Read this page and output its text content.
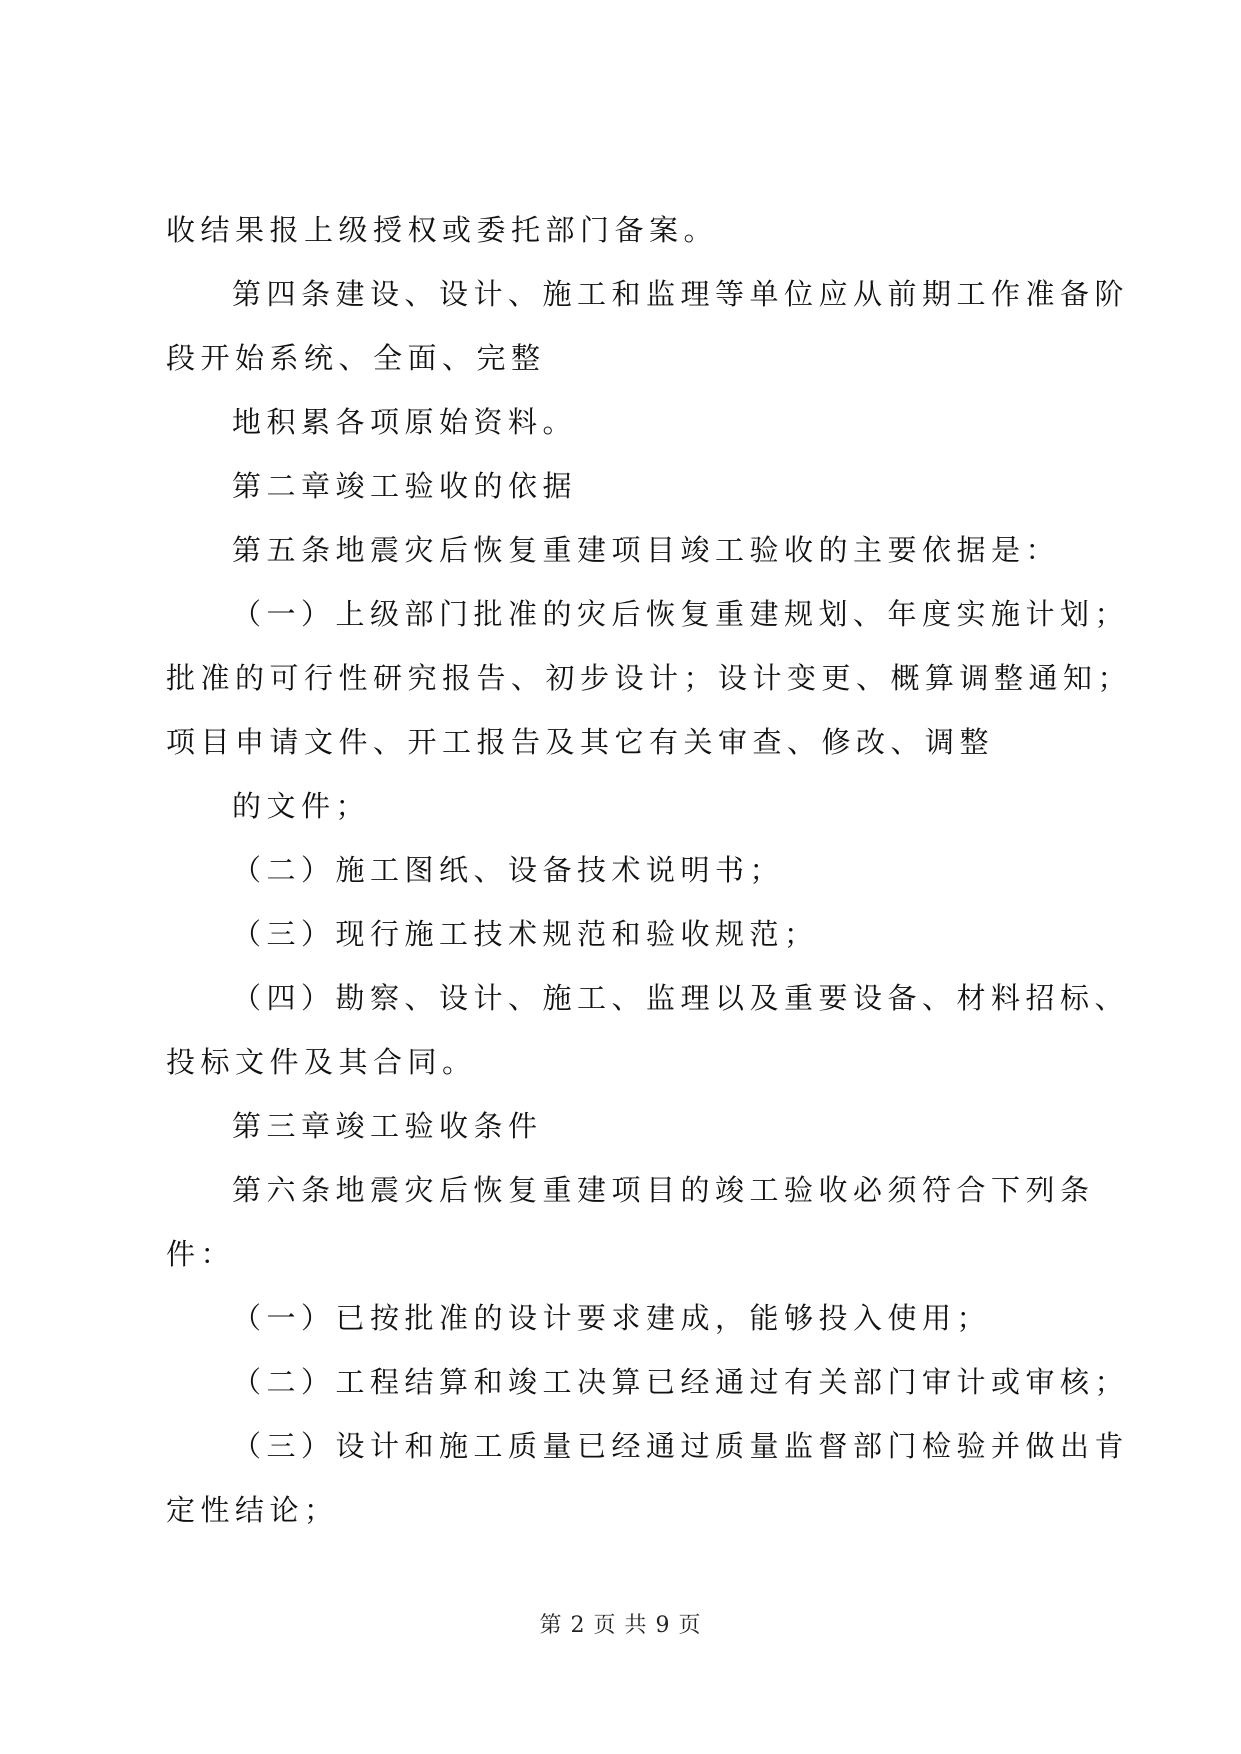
收结果报上级授权或委托部门备案。
第四条建设、设计、施工和监理等单位应从前期工作准备阶
段开始系统、全面、完整
地积累各项原始资料。
第二章竣工验收的依据
第五条地震灾后恢复重建项目竣工验收的主要依据是：
（一）上级部门批准的灾后恢复重建规划、年度实施计划；
批准的可行性研究报告、初步设计；设计变更、概算调整通知；
项目申请文件、开工报告及其它有关审查、修改、调整
的文件；
（二）施工图纸、设备技术说明书；
（三）现行施工技术规范和验收规范；
（四）勘察、设计、施工、监理以及重要设备、材料招标、
投标文件及其合同。
第三章竣工验收条件
第六条地震灾后恢复重建项目的竣工验收必须符合下列条
件：
（一）已按批准的设计要求建成，能够投入使用；
（二）工程结算和竣工决算已经通过有关部门审计或审核；
（三）设计和施工质量已经通过质量监督部门检验并做出肯
定性结论；
第 2 页 共 9 页
